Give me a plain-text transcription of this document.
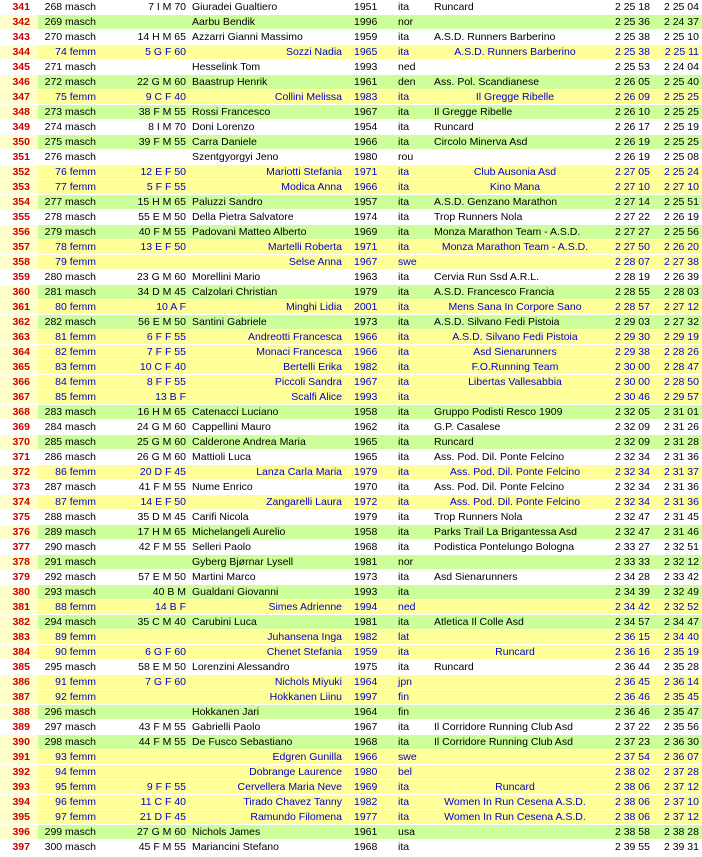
341	268 masch	7 I M 70	Giuradei Gualtiero	1951	ita	Runcard	2 25 18	2 25 04
342	269 masch		Aarbu Bendik	1996	nor		2 25 36	2 24 37
343	270 masch	14 H M 65	Azzarri Gianni Massimo	1959	ita	A.S.D. Runners Barberino	2 25 38	2 25 10
344	74 femm	5 G F 60	Sozzi Nadia	1965	ita	A.S.D. Runners Barberino	2 25 38	2 25 11
345	271 masch		Hesselink Tom	1993	ned		2 25 53	2 24 04
346	272 masch	22 G M 60	Baastrup Henrik	1961	den	Ass. Pol. Scandianese	2 26 05	2 25 40
347	75 femm	9 C F 40	Collini Melissa	1983	ita	Il Gregge Ribelle	2 26 09	2 25 25
348	273 masch	38 F M 55	Rossi Francesco	1967	ita	Il Gregge Ribelle	2 26 10	2 25 25
349	274 masch	8 I M 70	Doni Lorenzo	1954	ita	Runcard	2 26 17	2 25 19
350	275 masch	39 F M 55	Carra Daniele	1966	ita	Circolo Minerva Asd	2 26 19	2 25 25
351	276 masch		Szentgyorgyi Jeno	1980	rou		2 26 19	2 25 08
352	76 femm	12 E F 50	Mariotti Stefania	1971	ita	Club Ausonia Asd	2 27 05	2 25 24
353	77 femm	5 F F 55	Modica Anna	1966	ita	Kino Mana	2 27 10	2 27 10
354	277 masch	15 H M 65	Paluzzi Sandro	1957	ita	A.S.D. Genzano Marathon	2 27 14	2 25 51
355	278 masch	55 E M 50	Della Pietra Salvatore	1974	ita	Trop Runners Nola	2 27 22	2 26 19
356	279 masch	40 F M 55	Padovani Matteo Alberto	1969	ita	Monza Marathon Team - A.S.D.	2 27 27	2 25 56
357	78 femm	13 E F 50	Martelli Roberta	1971	ita	Monza Marathon Team - A.S.D.	2 27 50	2 26 20
358	79 femm		Selse Anna	1967	swe		2 28 07	2 27 38
359	280 masch	23 G M 60	Morellini Mario	1963	ita	Cervia Run Ssd A.R.L.	2 28 19	2 26 39
360	281 masch	34 D M 45	Calzolari Christian	1979	ita	A.S.D. Francesco Francia	2 28 55	2 28 03
361	80 femm	10 A F	Minghi Lidia	2001	ita	Mens Sana In Corpore Sano	2 28 57	2 27 12
362	282 masch	56 E M 50	Santini Gabriele	1973	ita	A.S.D. Silvano Fedi Pistoia	2 29 03	2 27 32
363	81 femm	6 F F 55	Andreotti Francesca	1966	ita	A.S.D. Silvano Fedi Pistoia	2 29 30	2 29 19
364	82 femm	7 F F 55	Monaci Francesca	1966	ita	Asd Sienarunners	2 29 38	2 28 26
365	83 femm	10 C F 40	Bertelli Erika	1982	ita	F.O.Running Team	2 30 00	2 28 47
366	84 femm	8 F F 55	Piccoli Sandra	1967	ita	Libertas Vallesabbia	2 30 00	2 28 50
367	85 femm	13 B F	Scalfi Alice	1993	ita		2 30 46	2 29 57
368	283 masch	16 H M 65	Catenacci Luciano	1958	ita	Gruppo Podisti Resco 1909	2 32 05	2 31 01
369	284 masch	24 G M 60	Cappellini Mauro	1962	ita	G.P. Casalese	2 32 09	2 31 26
370	285 masch	25 G M 60	Calderone Andrea Maria	1965	ita	Runcard	2 32 09	2 31 28
371	286 masch	26 G M 60	Mattioli Luca	1965	ita	Ass. Pod. Dil. Ponte Felcino	2 32 34	2 31 36
372	86 femm	20 D F 45	Lanza Carla Maria	1979	ita	Ass. Pod. Dil. Ponte Felcino	2 32 34	2 31 37
373	287 masch	41 F M 55	Nume Enrico	1970	ita	Ass. Pod. Dil. Ponte Felcino	2 32 34	2 31 36
374	87 femm	14 E F 50	Zangarelli Laura	1972	ita	Ass. Pod. Dil. Ponte Felcino	2 32 34	2 31 36
375	288 masch	35 D M 45	Carifi Nicola	1979	ita	Trop Runners Nola	2 32 47	2 31 45
376	289 masch	17 H M 65	Michelangeli Aurelio	1958	ita	Parks Trail La Brigantessa Asd	2 32 47	2 31 46
377	290 masch	42 F M 55	Selleri Paolo	1968	ita	Podistica Pontelungo Bologna	2 33 27	2 32 51
378	291 masch		Gyberg Bjørnar Lysell	1981	nor		2 33 33	2 32 12
379	292 masch	57 E M 50	Martini Marco	1973	ita	Asd Sienarunners	2 34 28	2 33 42
380	293 masch	40 B M	Gualdani Giovanni	1993	ita		2 34 39	2 32 49
381	88 femm	14 B F	Simes Adrienne	1994	ned		2 34 42	2 32 52
382	294 masch	35 C M 40	Carubini Luca	1981	ita	Atletica Il Colle Asd	2 34 57	2 34 47
383	89 femm		Juhansena Inga	1982	lat		2 36 15	2 34 40
384	90 femm	6 G F 60	Chenet Stefania	1959	ita	Runcard	2 36 16	2 35 19
385	295 masch	58 E M 50	Lorenzini Alessandro	1975	ita	Runcard	2 36 44	2 35 28
386	91 femm	7 G F 60	Nichols Miyuki	1964	jpn		2 36 45	2 36 14
387	92 femm		Hokkanen Liinu	1997	fin		2 36 46	2 35 45
388	296 masch		Hokkanen Jari	1964	fin		2 36 46	2 35 47
389	297 masch	43 F M 55	Gabrielli Paolo	1967	ita	Il Corridore Running Club Asd	2 37 22	2 35 56
390	298 masch	44 F M 55	De Fusco Sebastiano	1968	ita	Il Corridore Running Club Asd	2 37 23	2 36 30
391	93 femm		Edgren Gunilla	1966	swe		2 37 54	2 36 07
392	94 femm		Dobrange Laurence	1980	bel		2 38 02	2 37 28
393	95 femm	9 F F 55	Cervellera Maria Neve	1969	ita	Runcard	2 38 06	2 37 12
394	96 femm	11 C F 40	Tirado Chavez Tanny	1982	ita	Women In Run Cesena A.S.D.	2 38 06	2 37 10
395	97 femm	21 D F 45	Ramundo Filomena	1977	ita	Women In Run Cesena A.S.D.	2 38 06	2 37 12
396	299 masch	27 G M 60	Nichols James	1961	usa		2 38 58	2 38 28
397	300 masch	45 F M 55	Mariancini Stefano	1968	ita		2 39 55	2 39 31
